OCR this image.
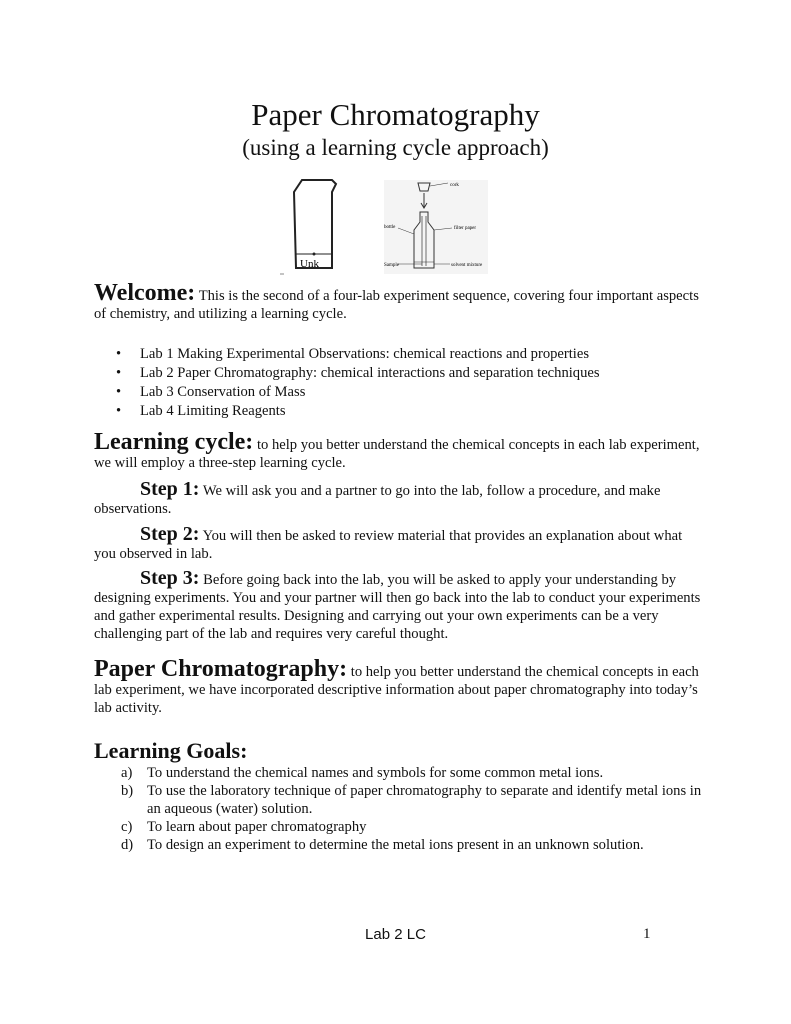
Paper Chromatography
(using a learning cycle approach)
Unk
cork
bottle	filter paper
Sample	solvent mixture
Welcome: This is the second of a four-lab experiment sequence, covering four important aspects of chemistry, and utilizing a learning cycle.
• Lab 1 Making Experimental Observations: chemical reactions and properties
• Lab 2 Paper Chromatography: chemical interactions and separation techniques
• Lab 3 Conservation of Mass
• Lab 4 Limiting Reagents
Learning cycle: to help you better understand the chemical concepts in each lab experiment, we will employ a three-step learning cycle.
Step 1: We will ask you and a partner to go into the lab, follow a procedure, and make observations.
Step 2: You will then be asked to review material that provides an explanation about what you observed in lab.
Step 3: Before going back into the lab, you will be asked to apply your understanding by designing experiments. You and your partner will then go back into the lab to conduct your experiments and gather experimental results. Designing and carrying out your own experiments can be a very challenging part of the lab and requires very careful thought.
Paper Chromatography: to help you better understand the chemical concepts in each lab experiment, we have incorporated descriptive information about paper chromatography into today’s lab activity.
Learning Goals:
a) To understand the chemical names and symbols for some common metal ions.
b) To use the laboratory technique of paper chromatography to separate and identify metal ions in an aqueous (water) solution.
c) To learn about paper chromatography
d) To design an experiment to determine the metal ions present in an unknown solution.
Lab 2 LC	1
